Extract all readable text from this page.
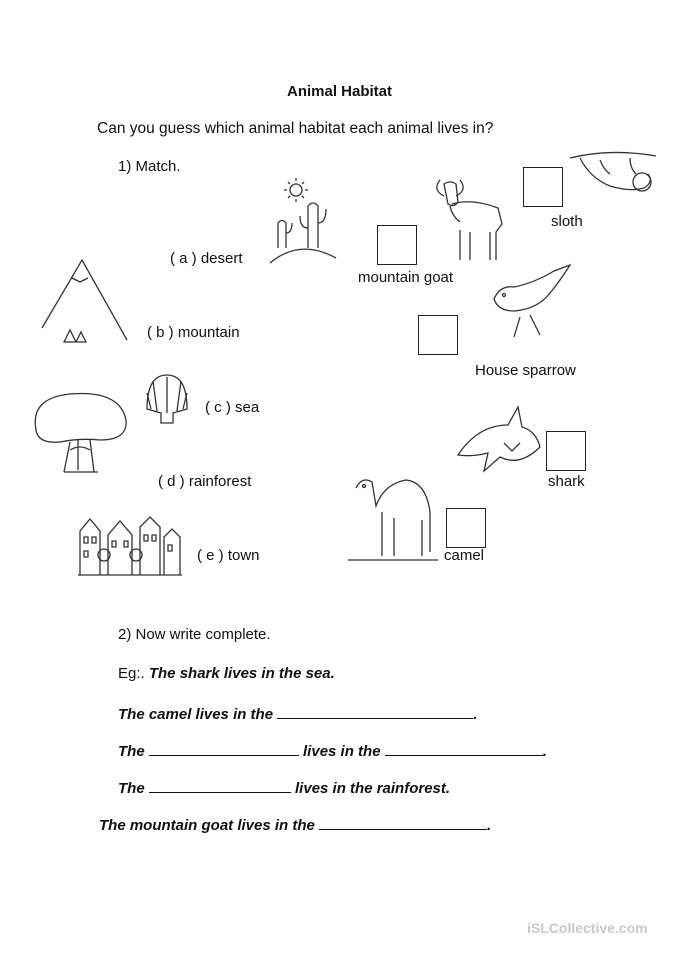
Animal Habitat
Can you guess which animal habitat each animal lives in?
1) Match.
( a ) desert
mountain goat
sloth
( b ) mountain
House sparrow
( c ) sea
( d ) rainforest	shark
( e ) town	camel
2) Now write complete.
Eg:. The shark lives in the sea.
The camel lives in the	.
The	lives in the	.
The	lives in the rainforest.
The mountain goat lives in the	.
iSLCollective.com
